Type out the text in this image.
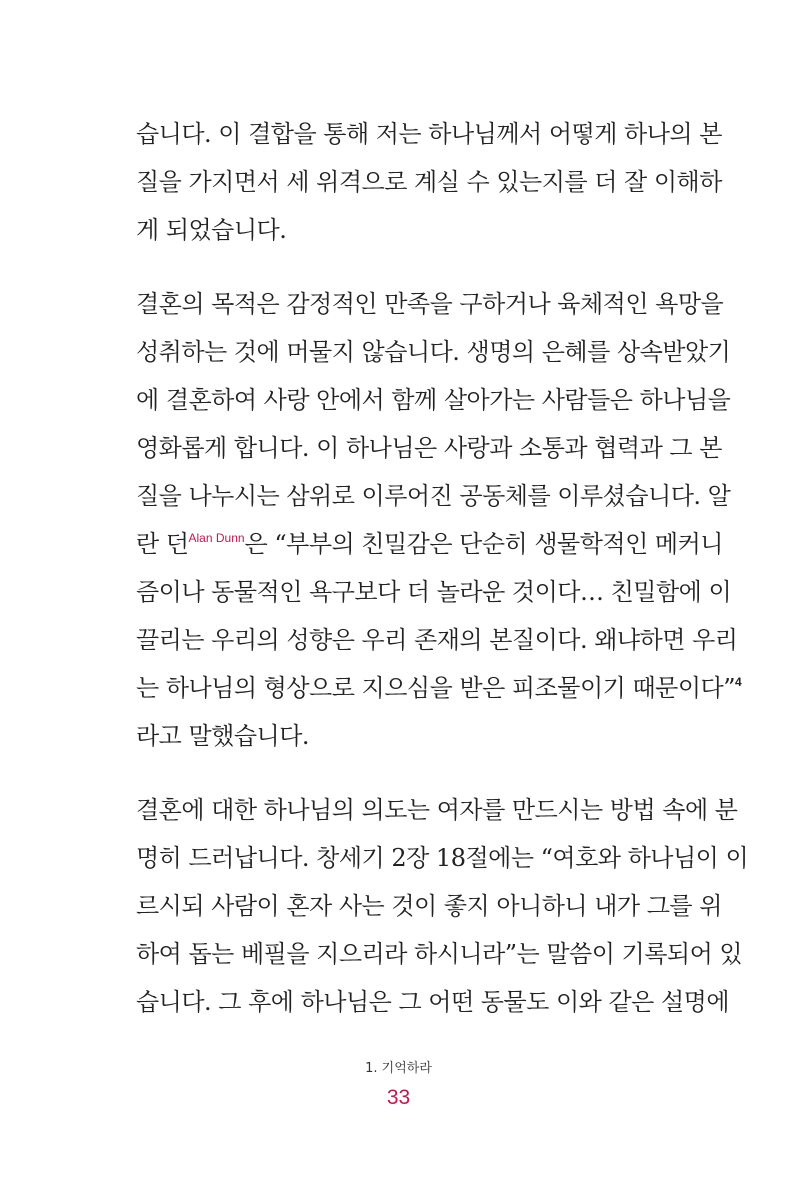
습니다. 이 결합을 통해 저는 하나님께서 어떻게 하나의 본
질을 가지면서 세 위격으로 계실 수 있는지를 더 잘 이해하
게 되었습니다.

결혼의 목적은 감정적인 만족을 구하거나 육체적인 욕망을
성취하는 것에 머물지 않습니다. 생명의 은혜를 상속받았기
에 결혼하여 사랑 안에서 함께 살아가는 사람들은 하나님을
영화롭게 합니다. 이 하나님은 사랑과 소통과 협력과 그 본
질을 나누시는 삼위로 이루어진 공동체를 이루셨습니다. 알
란 던$^{Alan Dunn}$은 “부부의 친밀감은 단순히 생물학적인 메커니
즘이나 동물적인 욕구보다 더 놀라운 것이다… 친밀함에 이
끌리는 우리의 성향은 우리 존재의 본질이다. 왜냐하면 우리
는 하나님의 형상으로 지으심을 받은 피조물이기 때문이다”$^4$
라고 말했습니다.

결혼에 대한 하나님의 의도는 여자를 만드시는 방법 속에 분
명히 드러납니다. 창세기 2장 18절에는 “여호와 하나님이 이
르시되 사람이 혼자 사는 것이 좋지 아니하니 내가 그를 위
하여 돕는 베필을 지으리라 하시니라”는 말씀이 기록되어 있
습니다. 그 후에 하나님은 그 어떤 동물도 이와 같은 설명에

1. 기억하라
33
